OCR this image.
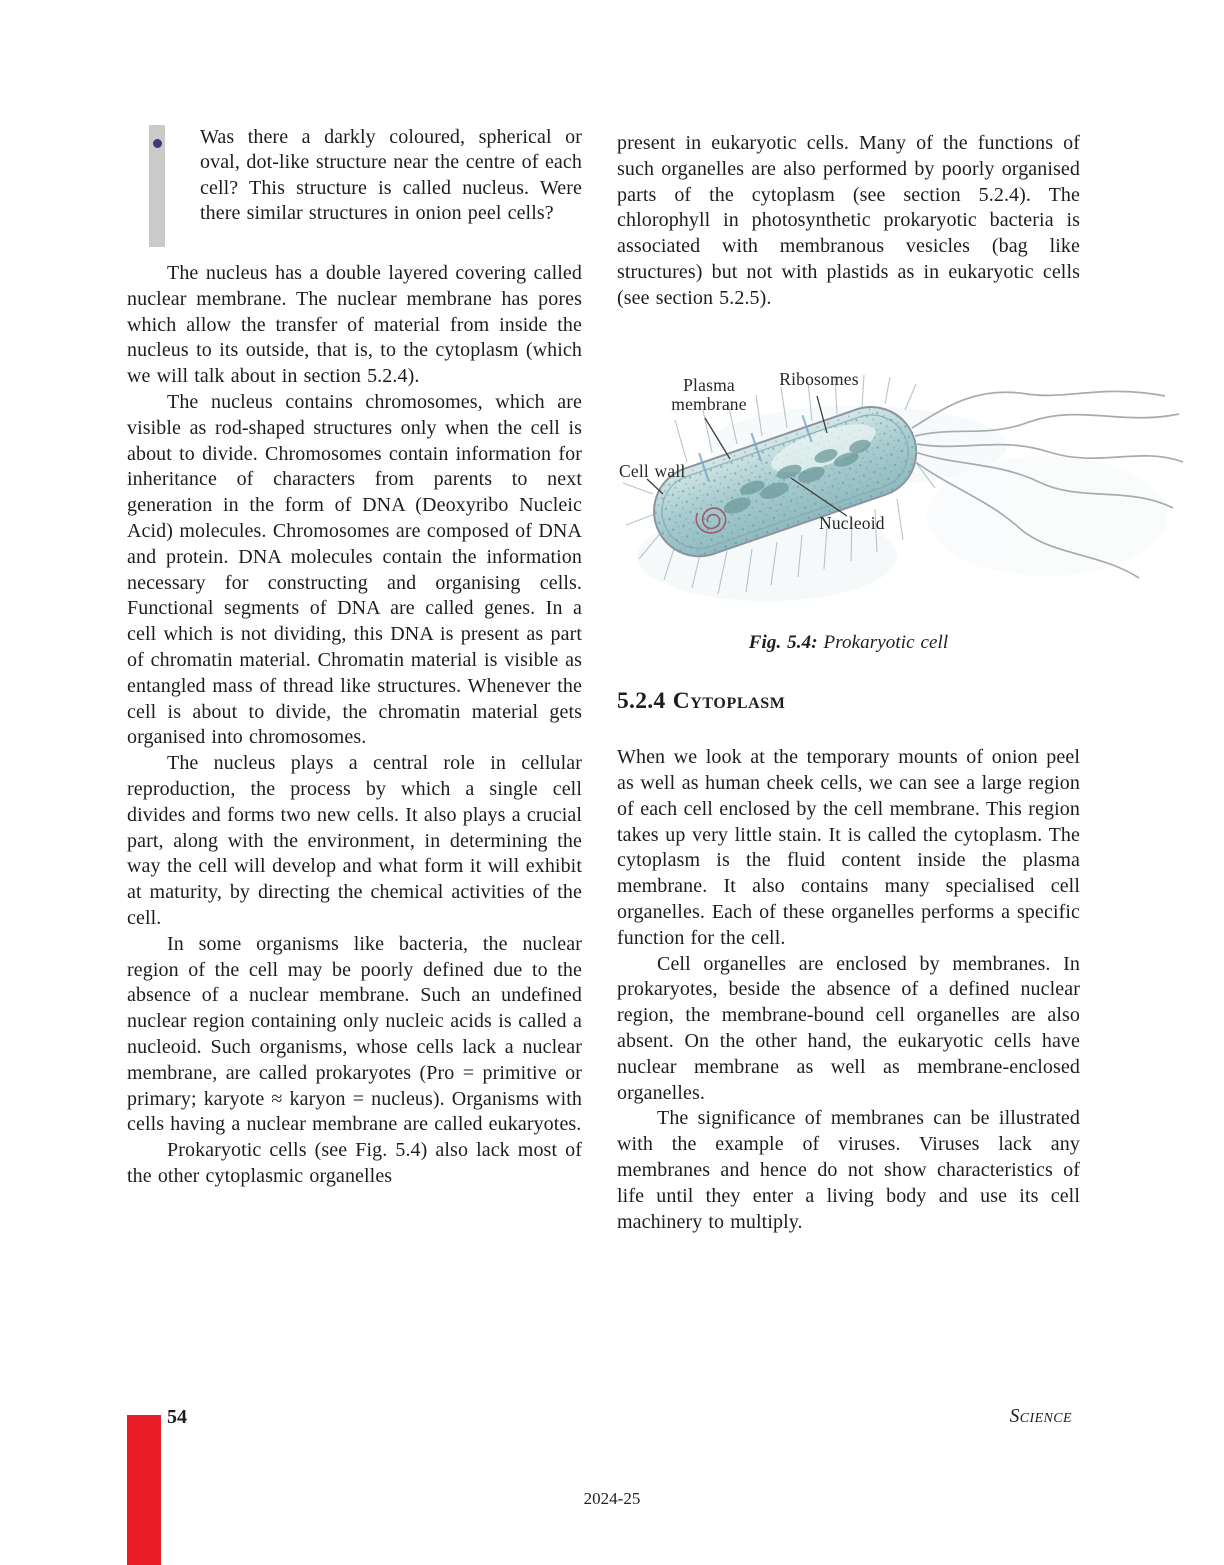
Was there a darkly coloured, spherical or oval, dot-like structure near the centre of each cell? This structure is called nucleus. Were there similar structures in onion peel cells?

The nucleus has a double layered covering called nuclear membrane. The nuclear membrane has pores which allow the transfer of material from inside the nucleus to its outside, that is, to the cytoplasm (which we will talk about in section 5.2.4).

The nucleus contains chromosomes, which are visible as rod-shaped structures only when the cell is about to divide. Chromosomes contain information for inheritance of characters from parents to next generation in the form of DNA (Deoxyribo Nucleic Acid) molecules. Chromosomes are composed of DNA and protein. DNA molecules contain the information necessary for constructing and organising cells. Functional segments of DNA are called genes. In a cell which is not dividing, this DNA is present as part of chromatin material. Chromatin material is visible as entangled mass of thread like structures. Whenever the cell is about to divide, the chromatin material gets organised into chromosomes.

The nucleus plays a central role in cellular reproduction, the process by which a single cell divides and forms two new cells. It also plays a crucial part, along with the environment, in determining the way the cell will develop and what form it will exhibit at maturity, by directing the chemical activities of the cell.

In some organisms like bacteria, the nuclear region of the cell may be poorly defined due to the absence of a nuclear membrane. Such an undefined nuclear region containing only nucleic acids is called a nucleoid. Such organisms, whose cells lack a nuclear membrane, are called prokaryotes (Pro = primitive or primary; karyote ≈ karyon = nucleus). Organisms with cells having a nuclear membrane are called eukaryotes.

Prokaryotic cells (see Fig. 5.4) also lack most of the other cytoplasmic organelles

present in eukaryotic cells. Many of the functions of such organelles are also performed by poorly organised parts of the cytoplasm (see section 5.2.4). The chlorophyll in photosynthetic prokaryotic bacteria is associated with membranous vesicles (bag like structures) but not with plastids as in eukaryotic cells (see section 5.2.5).

Plasma membrane
Ribosomes
Cell wall
Nucleoid
Fig. 5.4: Prokaryotic cell
5.2.4 Cytoplasm

When we look at the temporary mounts of onion peel as well as human cheek cells, we can see a large region of each cell enclosed by the cell membrane. This region takes up very little stain. It is called the cytoplasm. The cytoplasm is the fluid content inside the plasma membrane. It also contains many specialised cell organelles. Each of these organelles performs a specific function for the cell.

Cell organelles are enclosed by membranes. In prokaryotes, beside the absence of a defined nuclear region, the membrane-bound cell organelles are also absent. On the other hand, the eukaryotic cells have nuclear membrane as well as membrane-enclosed organelles.

The significance of membranes can be illustrated with the example of viruses. Viruses lack any membranes and hence do not show characteristics of life until they enter a living body and use its cell machinery to multiply.

54	Science
2024-25
